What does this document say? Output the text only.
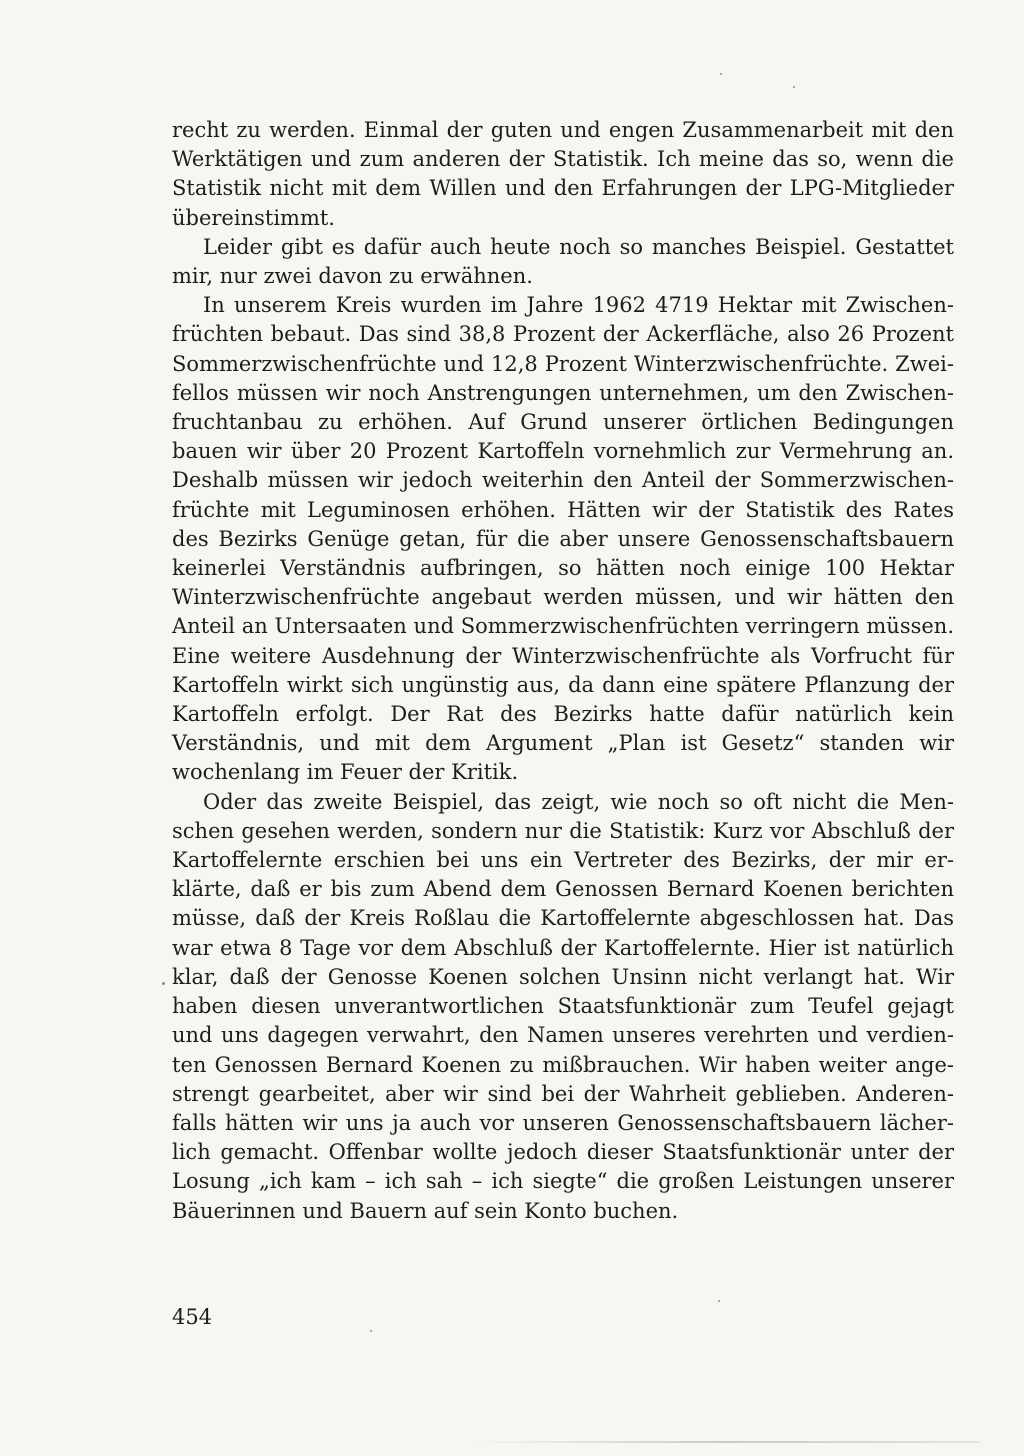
recht zu werden. Einmal der guten und engen Zusammenarbeit mit den Werktätigen und zum anderen der Statistik. Ich meine das so, wenn die Statistik nicht mit dem Willen und den Erfahrungen der LPG-Mitglieder übereinstimmt.

Leider gibt es dafür auch heute noch so manches Beispiel. Gestattet mir, nur zwei davon zu erwähnen.

In unserem Kreis wurden im Jahre 1962 4719 Hektar mit Zwischenfrüchten bebaut. Das sind 38,8 Prozent der Ackerfläche, also 26 Prozent Sommerzwischenfrüchte und 12,8 Prozent Winterzwischenfrüchte. Zweifellos müssen wir noch Anstrengungen unternehmen, um den Zwischenfruchtanbau zu erhöhen. Auf Grund unserer örtlichen Bedingungen bauen wir über 20 Prozent Kartoffeln vornehmlich zur Vermehrung an. Deshalb müssen wir jedoch weiterhin den Anteil der Sommerzwischenfrüchte mit Leguminosen erhöhen. Hätten wir der Statistik des Rates des Bezirks Genüge getan, für die aber unsere Genossenschaftsbauern keinerlei Verständnis aufbringen, so hätten noch einige 100 Hektar Winterzwischenfrüchte angebaut werden müssen, und wir hätten den Anteil an Untersaaten und Sommerzwischenfrüchten verringern müssen. Eine weitere Ausdehnung der Winterzwischenfrüchte als Vorfrucht für Kartoffeln wirkt sich ungünstig aus, da dann eine spätere Pflanzung der Kartoffeln erfolgt. Der Rat des Bezirks hatte dafür natürlich kein Verständnis, und mit dem Argument „Plan ist Gesetz“ standen wir wochenlang im Feuer der Kritik.

Oder das zweite Beispiel, das zeigt, wie noch so oft nicht die Menschen gesehen werden, sondern nur die Statistik: Kurz vor Abschluß der Kartoffelernte erschien bei uns ein Vertreter des Bezirks, der mir erklärte, daß er bis zum Abend dem Genossen Bernard Koenen berichten müsse, daß der Kreis Roßlau die Kartoffelernte abgeschlossen hat. Das war etwa 8 Tage vor dem Abschluß der Kartoffelernte. Hier ist natürlich klar, daß der Genosse Koenen solchen Unsinn nicht verlangt hat. Wir haben diesen unverantwortlichen Staatsfunktionär zum Teufel gejagt und uns dagegen verwahrt, den Namen unseres verehrten und verdienten Genossen Bernard Koenen zu mißbrauchen. Wir haben weiter angestrengt gearbeitet, aber wir sind bei der Wahrheit geblieben. Anderenfalls hätten wir uns ja auch vor unseren Genossenschaftsbauern lächerlich gemacht. Offenbar wollte jedoch dieser Staatsfunktionär unter der Losung „ich kam – ich sah – ich siegte“ die großen Leistungen unserer Bäuerinnen und Bauern auf sein Konto buchen.

454
